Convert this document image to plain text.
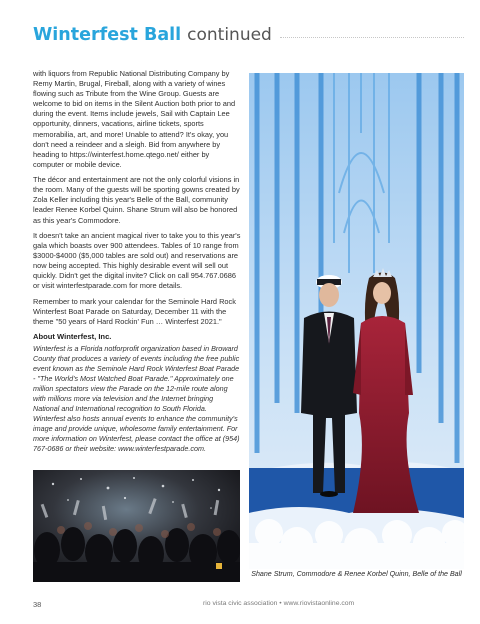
Winterfest Ball continued

with liquors from Republic National Distributing Company by Remy Martin, Brugal, Fireball, along with a variety of wines flowing such as Tribute from the Wine Group. Guests are welcome to bid on items in the Silent Auction both prior to and during the event. Items include jewels, Sail with Captain Lee opportunity, dinners, vacations, airline tickets, sports memorabilia, art, and more! Unable to attend? It's okay, you don't need a reindeer and a sleigh. Bid from anywhere by heading to https://winterfest.home.qtego.net/ either by computer or mobile device.

The décor and entertainment are not the only colorful visions in the room. Many of the guests will be sporting gowns created by Zola Keller including this year's Belle of the Ball, community leader Renee Korbel Quinn. Shane Strum will also be honored as this year's Commodore.

It doesn't take an ancient magical river to take you to this year's gala which boasts over 900 attendees. Tables of 10 range from $3000-$4000 ($5,000 tables are sold out) and reservations are now being accepted. This highly desirable event will sell out quickly. Didn't get the digital invite? Click on call 954.767.0686 or visit winterfestparade.com for more details.

Remember to mark your calendar for the Seminole Hard Rock Winterfest Boat Parade on Saturday, December 11 with the theme "50 years of Hard Rockin' Fun … Winterfest 2021."

About Winterfest, Inc.
Winterfest is a Florida notforprofit organization based in Broward County that produces a variety of events including the free public event known as the Seminole Hard Rock Winterfest Boat Parade - "The World's Most Watched Boat Parade." Approximately one million spectators view the Parade on the 12-mile route along with millions more via television and the Internet bringing National and International recognition to South Florida. Winterfest also hosts annual events to enhance the community's image and provide unique, wholesome family entertainment. For more information on Winterfest, please contact the office at (954) 767-0686 or their website: www.winterfestparade.com.
Shane Strum, Commodore & Renee Korbel Quinn, Belle of the Ball
38	rio vista civic association • www.riovistaonline.com
